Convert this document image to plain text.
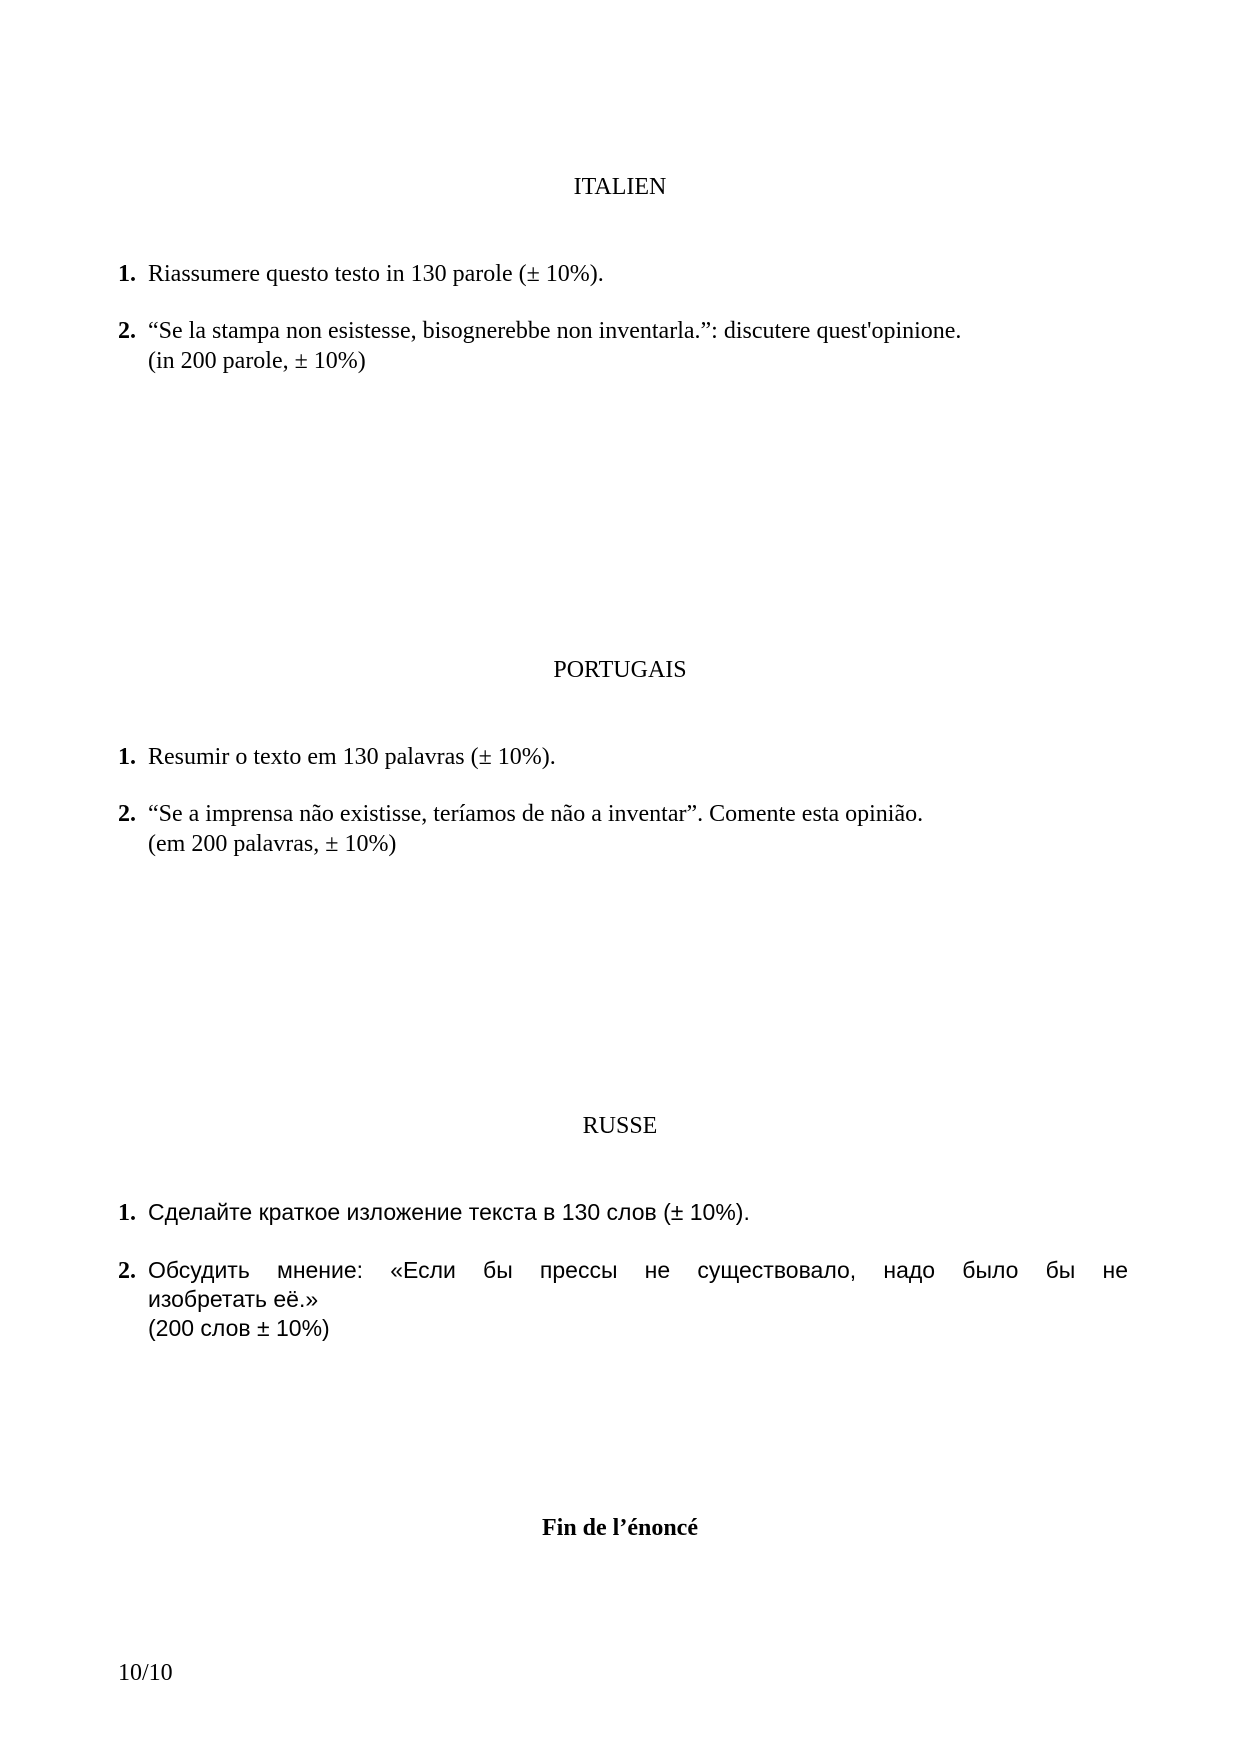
ITALIEN
1. Riassumere questo testo in 130 parole (± 10%).
2. “Se la stampa non esistesse, bisognerebbe non inventarla.”: discutere quest'opinione.
(in 200 parole, ± 10%)
PORTUGAIS
1. Resumir o texto em 130 palavras (± 10%).
2. “Se a imprensa não existisse, teríamos de não a inventar”. Comente esta opinião.
(em 200 palavras, ± 10%)
RUSSE
1. Сделайте краткое изложение текста в 130 слов (± 10%).
2. Обсудить мнение: «Если бы прессы не существовало, надо было бы не
изобретать её.»
(200 слов ± 10%)
Fin de l’énoncé
10/10
